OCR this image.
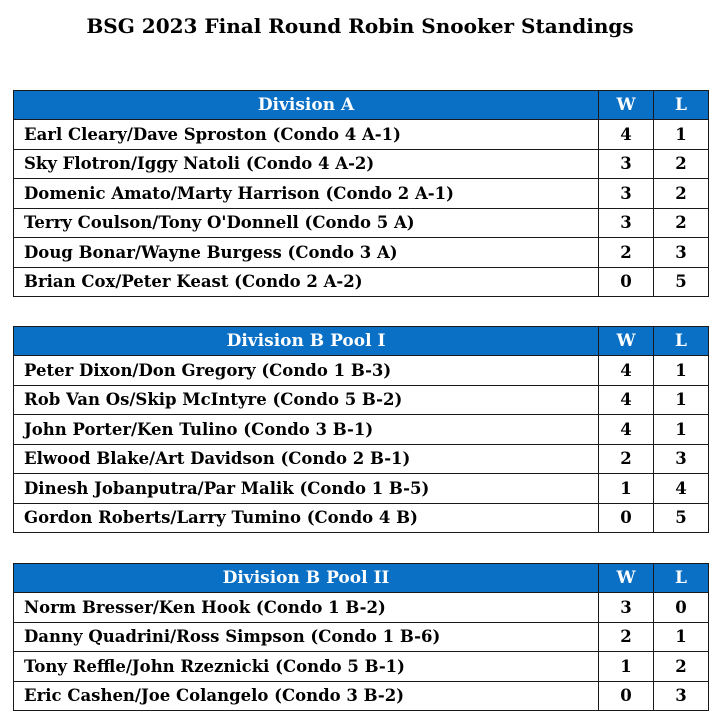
BSG 2023 Final Round Robin Snooker Standings
Division A	W	L
Earl Cleary/Dave Sproston (Condo 4 A-1)	4	1
Sky Flotron/Iggy Natoli (Condo 4 A-2)	3	2
Domenic Amato/Marty Harrison (Condo 2 A-1)	3	2
Terry Coulson/Tony O'Donnell (Condo 5 A)	3	2
Doug Bonar/Wayne Burgess (Condo 3 A)	2	3
Brian Cox/Peter Keast (Condo 2 A-2)	0	5
Division B Pool I	W	L
Peter Dixon/Don Gregory (Condo 1 B-3)	4	1
Rob Van Os/Skip McIntyre (Condo 5 B-2)	4	1
John Porter/Ken Tulino (Condo 3 B-1)	4	1
Elwood Blake/Art Davidson (Condo 2 B-1)	2	3
Dinesh Jobanputra/Par Malik (Condo 1 B-5)	1	4
Gordon Roberts/Larry Tumino (Condo 4 B)	0	5
Division B Pool II	W	L
Norm Bresser/Ken Hook (Condo 1 B-2)	3	0
Danny Quadrini/Ross Simpson (Condo 1 B-6)	2	1
Tony Reffle/John Rzeznicki (Condo 5 B-1)	1	2
Eric Cashen/Joe Colangelo (Condo 3 B-2)	0	3
